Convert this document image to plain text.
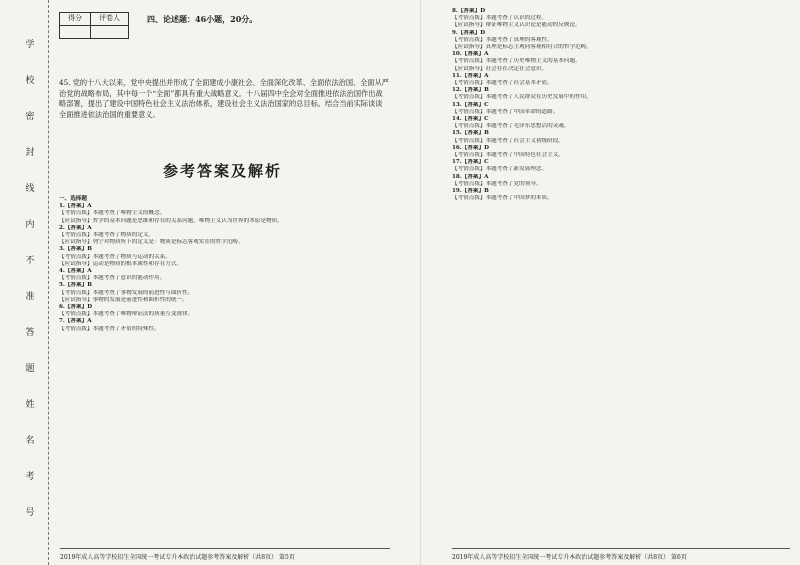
学
校
密
封
线
内
不
准
答
题
姓
名
考
号
得分	评卷人
		四、论述题：46小题，20分。
45. 党的十八大以来，党中央提出并形成了全面建成小康社会、全面深化改革、全面依法治国、全面从严治党的战略布局，其中每一个“全面”都具有重大战略意义。十八届四中全会对全面推进依法治国作出战略部署，提出了建设中国特色社会主义法治体系，建设社会主义法治国家的总目标。结合当前实际谈谈全面推进依法治国的重要意义。
参考答案及解析
一、选择题
1.【答案】A
【考情点拨】本题考查了唯物主义的概念。
【应试指导】哲学的基本问题是思维和存在的关系问题，唯物主义认为世界的本原是物质，
2.【答案】A
【考情点拨】本题考查了物质的定义。
【应试指导】列宁对物质所下的定义是：物质是标志客观实在的哲学范畴。
3.【答案】B
【考情点拨】本题考查了物质与运动的关系。
【应试指导】运动是物质的根本属性和存在方式。
4.【答案】A
【考情点拨】本题考查了意识的能动作用。
5.【答案】B
【考情点拨】本题考查了事物发展的前进性与曲折性。
【应试指导】事物的发展是前进性和曲折性的统一。
6.【答案】D
【考情点拨】本题考查了唯物辩证法的质量互变规律。
7.【答案】A
【考情点拨】本题考查了矛盾的特殊性。
8.【答案】D
【考情点拨】本题考查了认识的过程。
【应试指导】辩证唯物主义认识论是能动的反映论。
9.【答案】D
【考情点拨】本题考查了真理的客观性。
【应试指导】真理是标志主观同客观相符合的哲学范畴。
10.【答案】A
【考情点拨】本题考查了历史唯物主义的基本问题。
【应试指导】社会存在决定社会意识。
11.【答案】A
【考情点拨】本题考查了社会基本矛盾。
12.【答案】B
【考情点拨】本题考查了人民群众在历史发展中的作用。
13.【答案】C
【考情点拨】本题考查了中国革命的道路。
14.【答案】C
【考情点拨】本题考查了毛泽东思想活的灵魂。
15.【答案】B
【考情点拨】本题考查了社会主义初级阶段。
16.【答案】D
【考情点拨】本题考查了中国特色社会主义。
17.【答案】C
【考情点拨】本题考查了新发展理念。
18.【答案】A
【考情点拨】本题考查了党的领导。
19.【答案】B
【考情点拨】本题考查了中国梦的本质。
2019年成人高等学校招生全国统一考试专升本政治试题参考答案及解析（共8页） 第5页	2019年成人高等学校招生全国统一考试专升本政治试题参考答案及解析（共8页） 第6页
